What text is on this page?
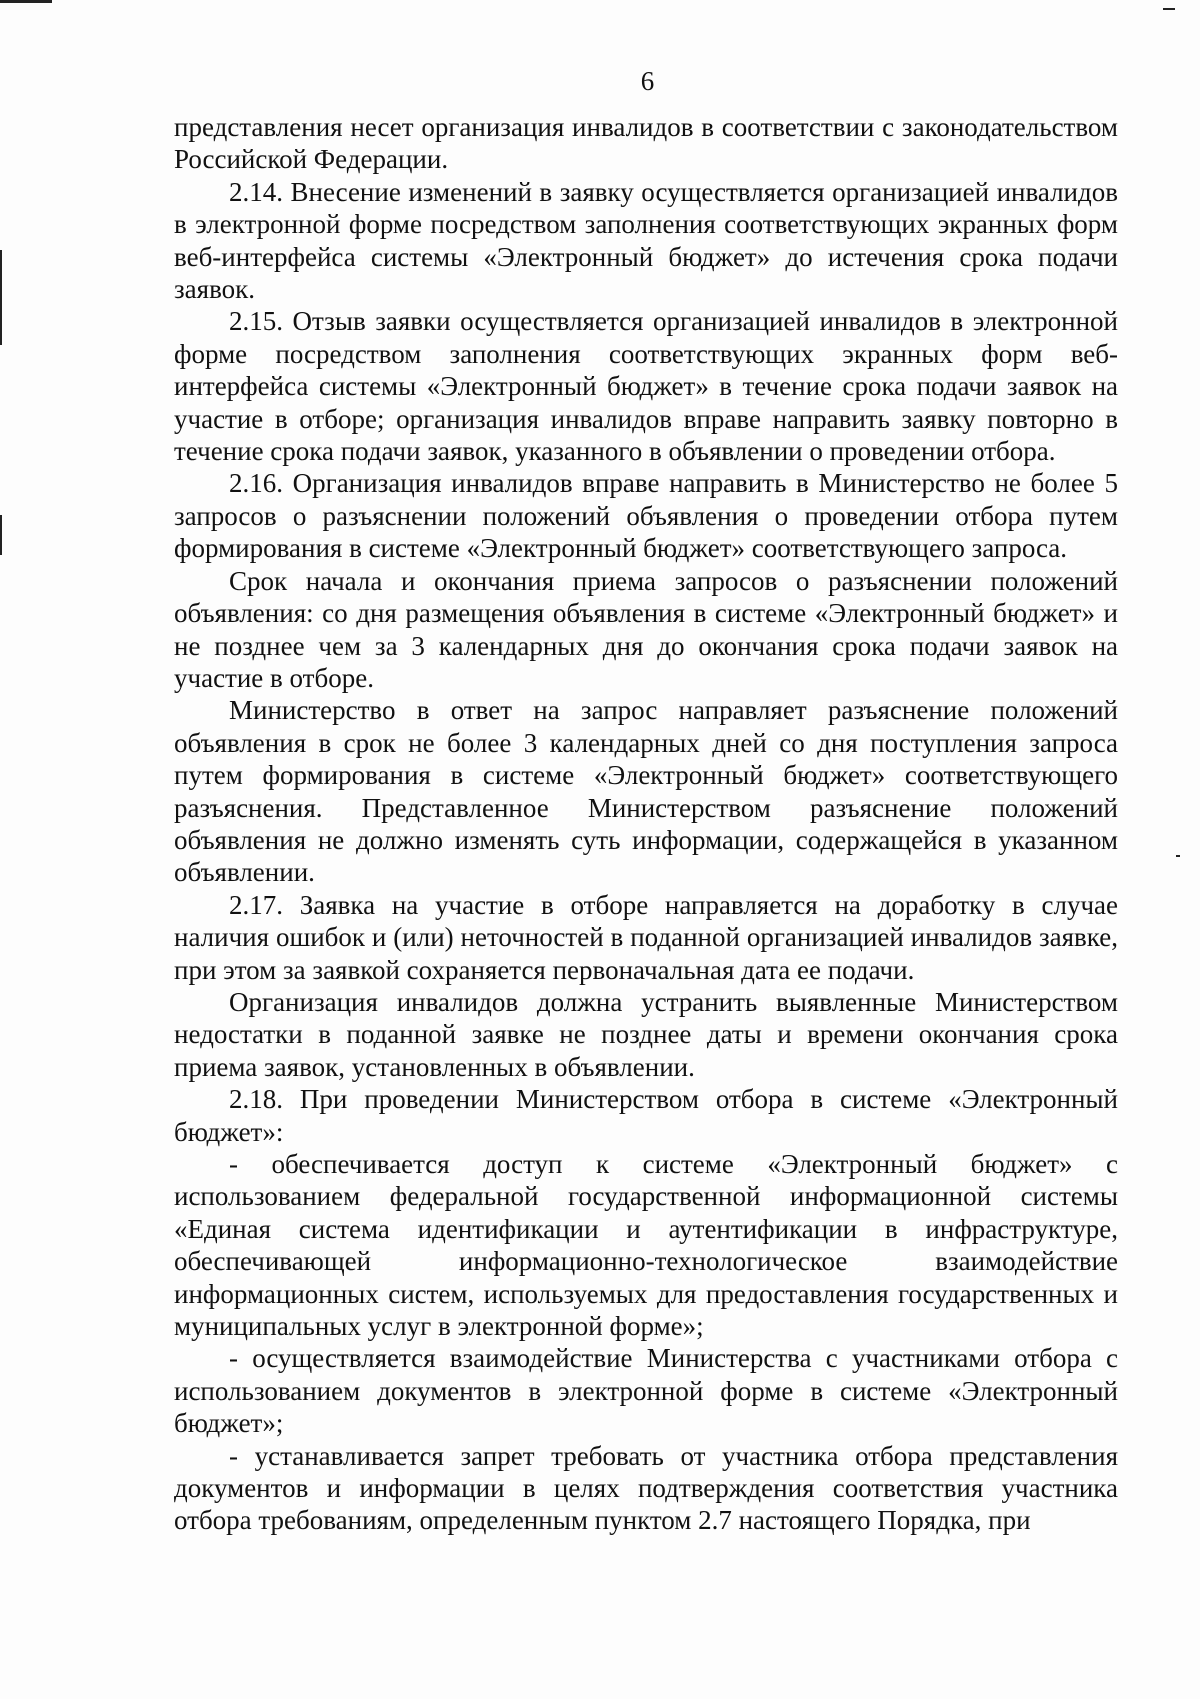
6

представления несет организация инвалидов в соответствии с законодательством Российской Федерации.

2.14. Внесение изменений в заявку осуществляется организацией инвалидов в электронной форме посредством заполнения соответствующих экранных форм веб-интерфейса системы «Электронный бюджет» до истечения срока подачи заявок.

2.15. Отзыв заявки осуществляется организацией инвалидов в электронной форме посредством заполнения соответствующих экранных форм веб-интерфейса системы «Электронный бюджет» в течение срока подачи заявок на участие в отборе; организация инвалидов вправе направить заявку повторно в течение срока подачи заявок, указанного в объявлении о проведении отбора.

2.16. Организация инвалидов вправе направить в Министерство не более 5 запросов о разъяснении положений объявления о проведении отбора путем формирования в системе «Электронный бюджет» соответствующего запроса.

Срок начала и окончания приема запросов о разъяснении положений объявления: со дня размещения объявления в системе «Электронный бюджет» и не позднее чем за 3 календарных дня до окончания срока подачи заявок на участие в отборе.

Министерство в ответ на запрос направляет разъяснение положений объявления в срок не более 3 календарных дней со дня поступления запроса путем формирования в системе «Электронный бюджет» соответствующего разъяснения. Представленное Министерством разъяснение положений объявления не должно изменять суть информации, содержащейся в указанном объявлении.

2.17. Заявка на участие в отборе направляется на доработку в случае наличия ошибок и (или) неточностей в поданной организацией инвалидов заявке, при этом за заявкой сохраняется первоначальная дата ее подачи.

Организация инвалидов должна устранить выявленные Министерством недостатки в поданной заявке не позднее даты и времени окончания срока приема заявок, установленных в объявлении.

2.18. При проведении Министерством отбора в системе «Электронный бюджет»:

- обеспечивается доступ к системе «Электронный бюджет» с использованием федеральной государственной информационной системы «Единая система идентификации и аутентификации в инфраструктуре, обеспечивающей информационно-технологическое взаимодействие информационных систем, используемых для предоставления государственных и муниципальных услуг в электронной форме»;

- осуществляется взаимодействие Министерства с участниками отбора с использованием документов в электронной форме в системе «Электронный бюджет»;

- устанавливается запрет требовать от участника отбора представления документов и информации в целях подтверждения соответствия участника отбора требованиям, определенным пунктом 2.7 настоящего Порядка, при
